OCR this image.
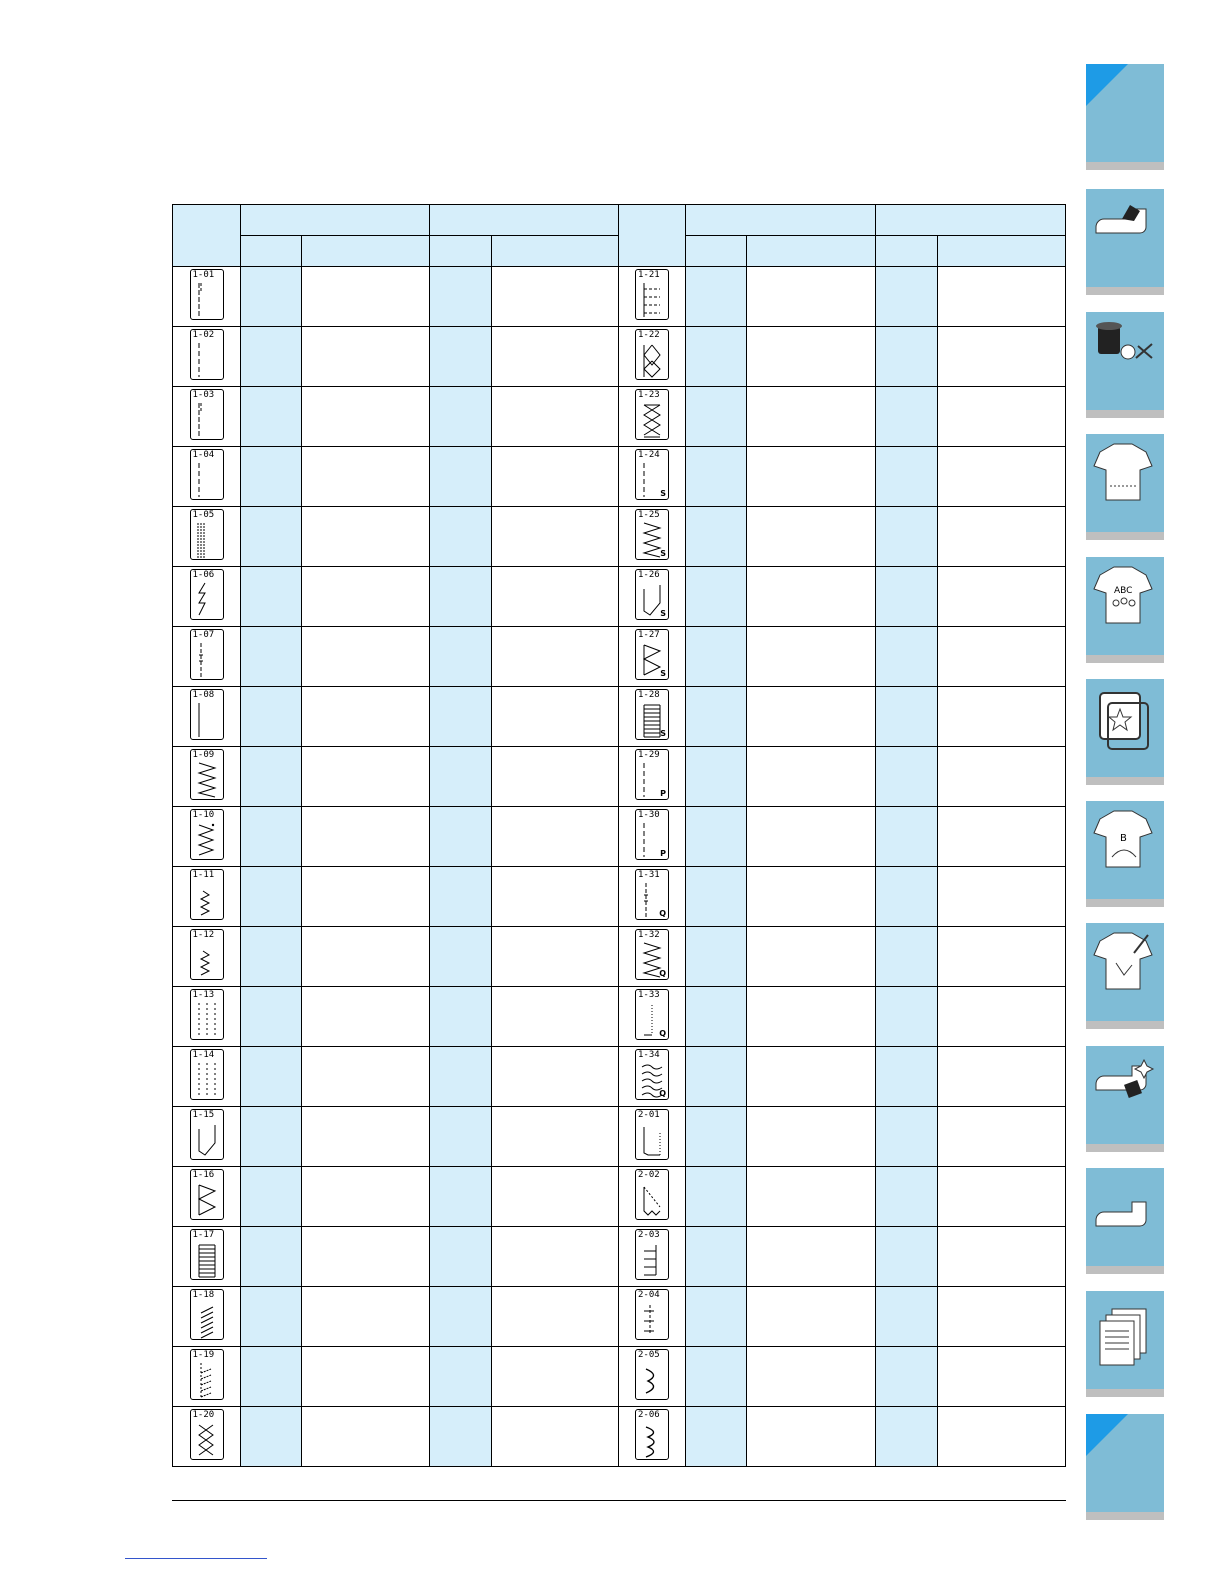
1-01					1-21				

1-02					1-22				

1-03					1-23				

1-04					1-24
S				

1-05					1-25
S				

1-06					1-26
S				

1-07					1-27
S				

1-08					1-28
S				

1-09					1-29
P				

1-10					1-30
P				

1-11					1-31
Q				

1-12					1-32
Q				

1-13					1-33
Q				

1-14					1-34
Q				

1-15					2-01				

1-16					2-02				

1-17					2-03				

1-18					2-04				

1-19					2-05				

1-20					2-06				

ABC
B
